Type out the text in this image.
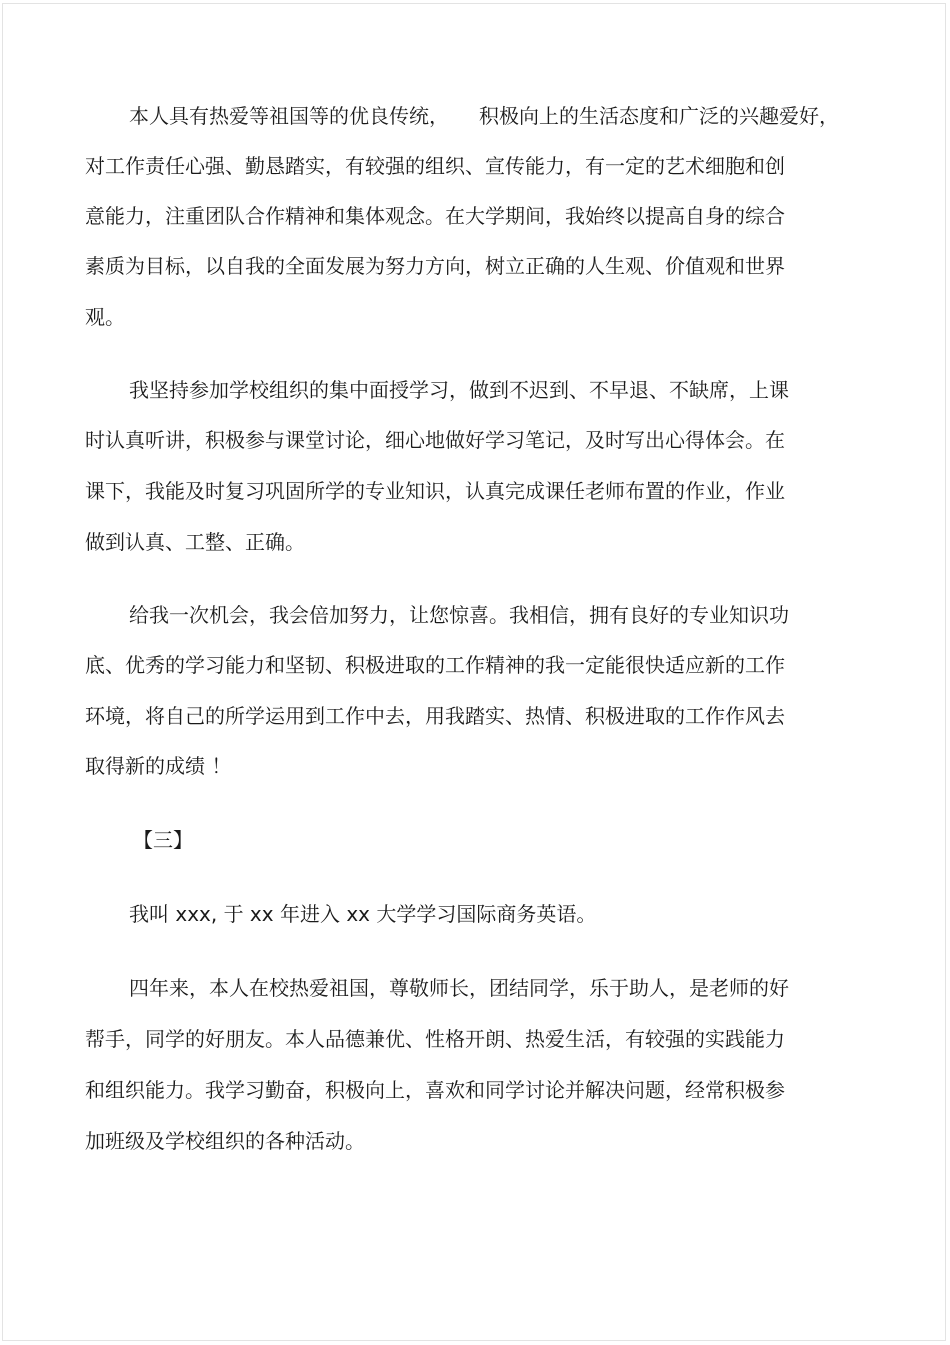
本人具有热爱等祖国等的优良传统，　　积极向上的生活态度和广泛的兴趣爱好，

对工作责任心强、勤恳踏实，有较强的组织、宣传能力，有一定的艺术细胞和创

意能力，注重团队合作精神和集体观念。在大学期间，我始终以提高自身的综合

素质为目标，以自我的全面发展为努力方向，树立正确的人生观、价值观和世界

观。

我坚持参加学校组织的集中面授学习，做到不迟到、不早退、不缺席，上课

时认真听讲，积极参与课堂讨论，细心地做好学习笔记，及时写出心得体会。在

课下，我能及时复习巩固所学的专业知识，认真完成课任老师布置的作业，作业

做到认真、工整、正确。

给我一次机会，我会倍加努力，让您惊喜。我相信，拥有良好的专业知识功

底、优秀的学习能力和坚韧、积极进取的工作精神的我一定能很快适应新的工作

环境，将自己的所学运用到工作中去，用我踏实、热情、积极进取的工作作风去

取得新的成绩 ！

【三】

我叫 xxx, 于 xx 年进入 xx 大学学习国际商务英语。

四年来，本人在校热爱祖国，尊敬师长，团结同学，乐于助人，是老师的好

帮手，同学的好朋友。本人品德兼优、性格开朗、热爱生活，有较强的实践能力

和组织能力。我学习勤奋，积极向上，喜欢和同学讨论并解决问题，经常积极参

加班级及学校组织的各种活动。
